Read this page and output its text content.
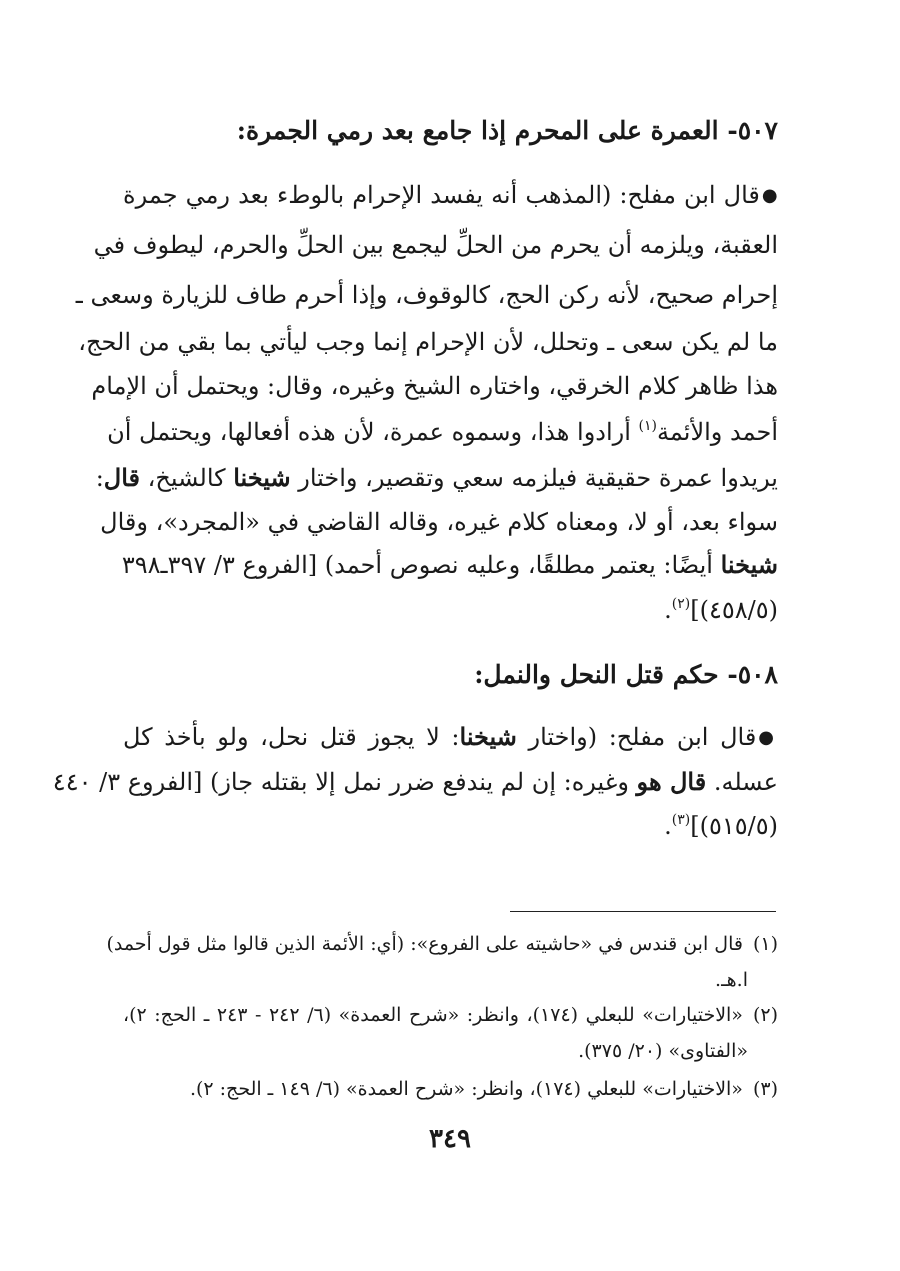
٥٠٧- العمرة على المحرم إذا جامع بعد رمي الجمرة:
●قال ابن مفلح: (المذهب أنه يفسد الإحرام بالوطء بعد رمي جمرة
العقبة، ويلزمه أن يحرم من الحلِّ ليجمع بين الحلِّ والحرم، ليطوف في
إحرام صحيح، لأنه ركن الحج، كالوقوف، وإذا أحرم طاف للزيارة وسعى ـ
ما لم يكن سعى ـ وتحلل، لأن الإحرام إنما وجب ليأتي بما بقي من الحج،
هذا ظاهر كلام الخرقي، واختاره الشيخ وغيره، وقال: ويحتمل أن الإمام
أحمد والأئمة$^{(١)}$ أرادوا هذا، وسموه عمرة، لأن هذه أفعالها، ويحتمل أن
يريدوا عمرة حقيقية فيلزمه سعي وتقصير، واختار شيخنا كالشيخ، قال:
سواء بعد، أو لا، ومعناه كلام غيره، وقاله القاضي في «المجرد»، وقال
شيخنا أيضًا: يعتمر مطلقًا، وعليه نصوص أحمد) [الفروع ٣/ ٣٩٧ـ٣٩٨
(٤٥٨/٥)]$^{(٢)}$.
٥٠٨- حكم قتل النحل والنمل:
●قال ابن مفلح: (واختار شيخنا: لا يجوز قتل نحل، ولو بأخذ كل
عسله. قال هو وغيره: إن لم يندفع ضرر نمل إلا بقتله جاز) [الفروع ٣/ ٤٤٠
(٥١٥/٥)]$^{(٣)}$.
(١)قال ابن قندس في «حاشيته على الفروع»: (أي: الأئمة الذين قالوا مثل قول أحمد)
ا.هـ.
(٢)«الاختيارات» للبعلي (١٧٤)، وانظر: «شرح العمدة» (٦/ ٢٤٢ - ٢٤٣ ـ الحج: ٢)،
«الفتاوى» (٢٠/ ٣٧٥).
(٣)«الاختيارات» للبعلي (١٧٤)، وانظر: «شرح العمدة» (٦/ ١٤٩ ـ الحج: ٢).
٣٤٩
